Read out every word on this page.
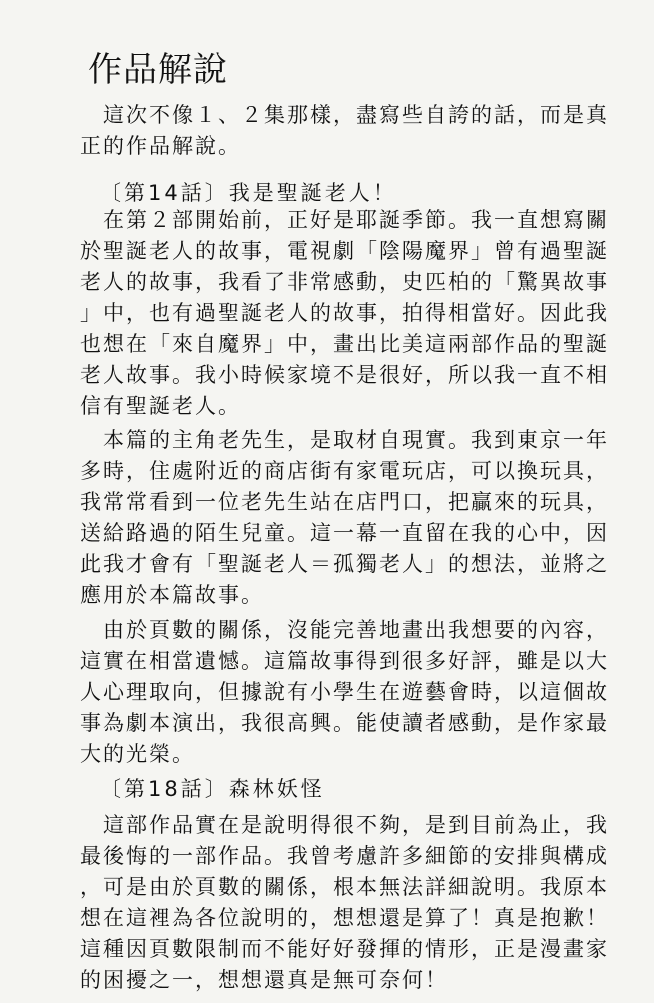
作品解說
　這次不像１、２集那樣，盡寫些自誇的話，而是真
正的作品解說。
〔第14話〕我是聖誕老人！
　在第２部開始前，正好是耶誕季節。我一直想寫關
於聖誕老人的故事，電視劇「陰陽魔界」曾有過聖誕
老人的故事，我看了非常感動，史匹柏的「驚異故事
」中，也有過聖誕老人的故事，拍得相當好。因此我
也想在「來自魔界」中，畫出比美這兩部作品的聖誕
老人故事。我小時候家境不是很好，所以我一直不相
信有聖誕老人。
　本篇的主角老先生，是取材自現實。我到東京一年
多時，住處附近的商店街有家電玩店，可以換玩具，
我常常看到一位老先生站在店門口，把贏來的玩具，
送給路過的陌生兒童。這一幕一直留在我的心中，因
此我才會有「聖誕老人＝孤獨老人」的想法，並將之
應用於本篇故事。
　由於頁數的關係，沒能完善地畫出我想要的內容，
這實在相當遺憾。這篇故事得到很多好評，雖是以大
人心理取向，但據說有小學生在遊藝會時，以這個故
事為劇本演出，我很高興。能使讀者感動，是作家最
大的光榮。
〔第18話〕森林妖怪
　這部作品實在是說明得很不夠，是到目前為止，我
最後悔的一部作品。我曾考慮許多細節的安排與構成
，可是由於頁數的關係，根本無法詳細說明。我原本
想在這裡為各位說明的，想想還是算了！真是抱歉！
這種因頁數限制而不能好好發揮的情形，正是漫畫家
的困擾之一，想想還真是無可奈何！
